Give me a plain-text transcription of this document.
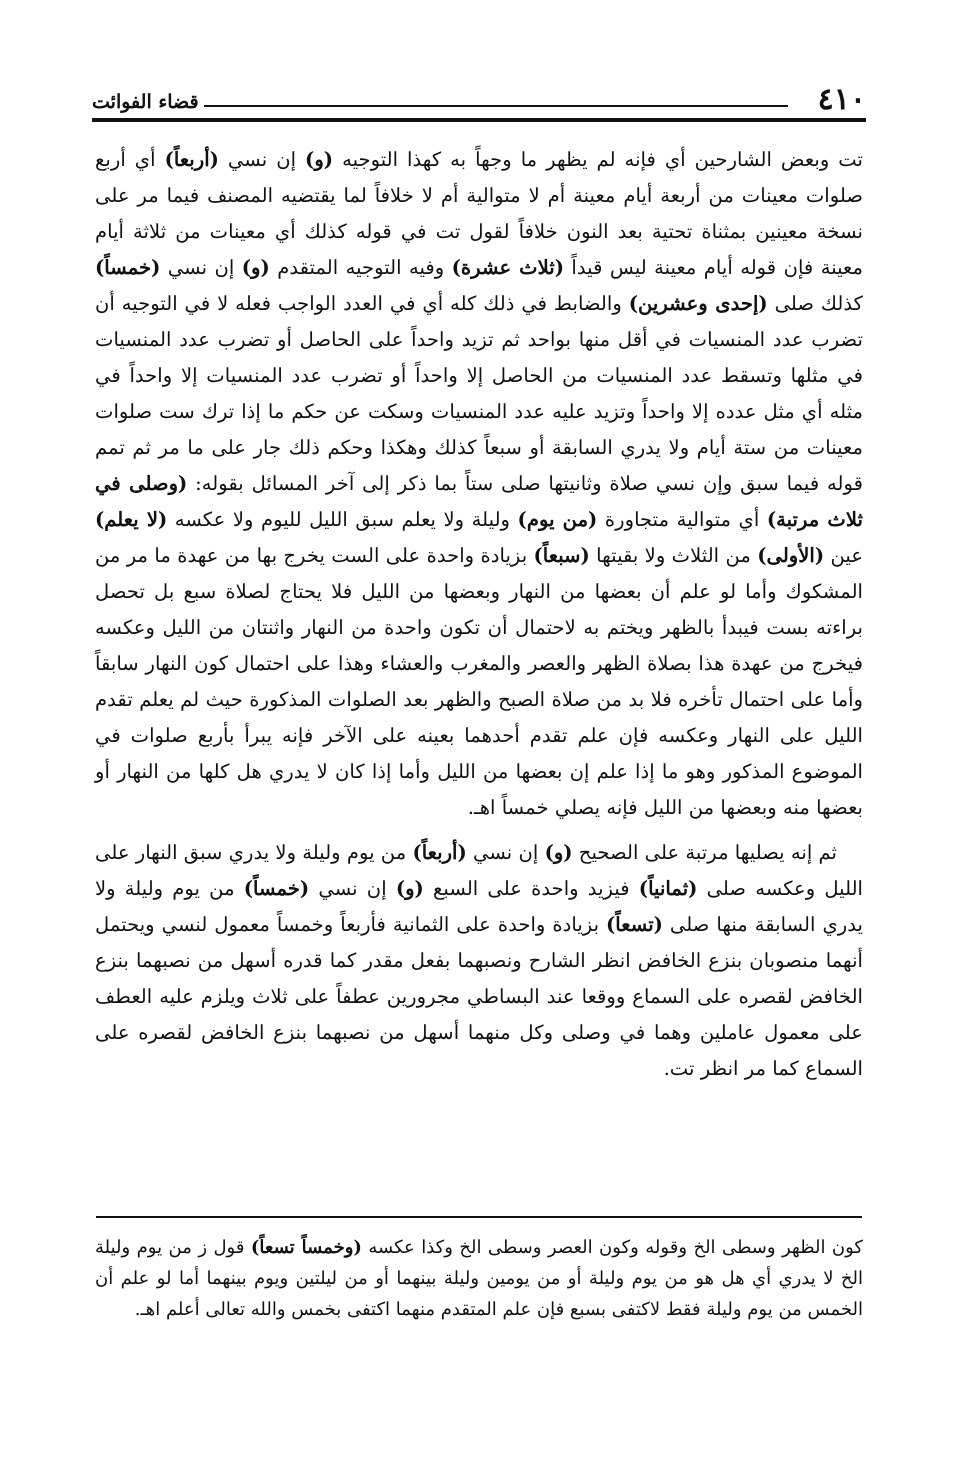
٤١٠
قضاء الفوائت

تت وبعض الشارحين أي فإنه لم يظهر ما وجهاً به كهذا التوجيه (و) إن نسي (أربعاً) أي أربع صلوات معينات من أربعة أيام معينة أم لا متوالية أم لا خلافاً لما يقتضيه المصنف فيما مر على نسخة معينين بمثناة تحتية بعد النون خلافاً لقول تت في قوله كذلك أي معينات من ثلاثة أيام معينة فإن قوله أيام معينة ليس قيداً (ثلاث عشرة) وفيه التوجيه المتقدم (و) إن نسي (خمساً) كذلك صلى (إحدى وعشرين) والضابط في ذلك كله أي في العدد الواجب فعله لا في التوجيه أن تضرب عدد المنسيات في أقل منها بواحد ثم تزيد واحداً على الحاصل أو تضرب عدد المنسيات في مثلها وتسقط عدد المنسيات من الحاصل إلا واحداً أو تضرب عدد المنسيات إلا واحداً في مثله أي مثل عدده إلا واحداً وتزيد عليه عدد المنسيات وسكت عن حكم ما إذا ترك ست صلوات معينات من ستة أيام ولا يدري السابقة أو سبعاً كذلك وهكذا وحكم ذلك جار على ما مر ثم تمم قوله فيما سبق وإن نسي صلاة وثانيتها صلى ستاً بما ذكر إلى آخر المسائل بقوله: (وصلى في ثلاث مرتبة) أي متوالية متجاورة (من يوم) وليلة ولا يعلم سبق الليل لليوم ولا عكسه (لا يعلم) عين (الأولى) من الثلاث ولا بقيتها (سبعاً) بزيادة واحدة على الست يخرج بها من عهدة ما مر من المشكوك وأما لو علم أن بعضها من النهار وبعضها من الليل فلا يحتاج لصلاة سبع بل تحصل براءته بست فيبدأ بالظهر ويختم به لاحتمال أن تكون واحدة من النهار واثنتان من الليل وعكسه فيخرج من عهدة هذا بصلاة الظهر والعصر والمغرب والعشاء وهذا على احتمال كون النهار سابقاً وأما على احتمال تأخره فلا بد من صلاة الصبح والظهر بعد الصلوات المذكورة حيث لم يعلم تقدم الليل على النهار وعكسه فإن علم تقدم أحدهما بعينه على الآخر فإنه يبرأ بأربع صلوات في الموضوع المذكور وهو ما إذا علم إن بعضها من الليل وأما إذا كان لا يدري هل كلها من النهار أو بعضها منه وبعضها من الليل فإنه يصلي خمساً اهـ.

ثم إنه يصليها مرتبة على الصحيح (و) إن نسي (أربعاً) من يوم وليلة ولا يدري سبق النهار على الليل وعكسه صلى (ثمانياً) فيزيد واحدة على السبع (و) إن نسي (خمساً) من يوم وليلة ولا يدري السابقة منها صلى (تسعاً) بزيادة واحدة على الثمانية فأربعاً وخمساً معمول لنسي ويحتمل أنهما منصوبان بنزع الخافض انظر الشارح ونصبهما بفعل مقدر كما قدره أسهل من نصبهما بنزع الخافض لقصره على السماع ووقعا عند البساطي مجرورين عطفاً على ثلاث ويلزم عليه العطف على معمول عاملين وهما في وصلى وكل منهما أسهل من نصبهما بنزع الخافض لقصره على السماع كما مر انظر تت.

كون الظهر وسطى الخ وقوله وكون العصر وسطى الخ وكذا عكسه (وخمساً تسعاً) قول ز من يوم وليلة الخ لا يدري أي هل هو من يوم وليلة أو من يومين وليلة بينهما أو من ليلتين ويوم بينهما أما لو علم أن الخمس من يوم وليلة فقط لاكتفى بسبع فإن علم المتقدم منهما اكتفى بخمس والله تعالى أعلم اهـ.
